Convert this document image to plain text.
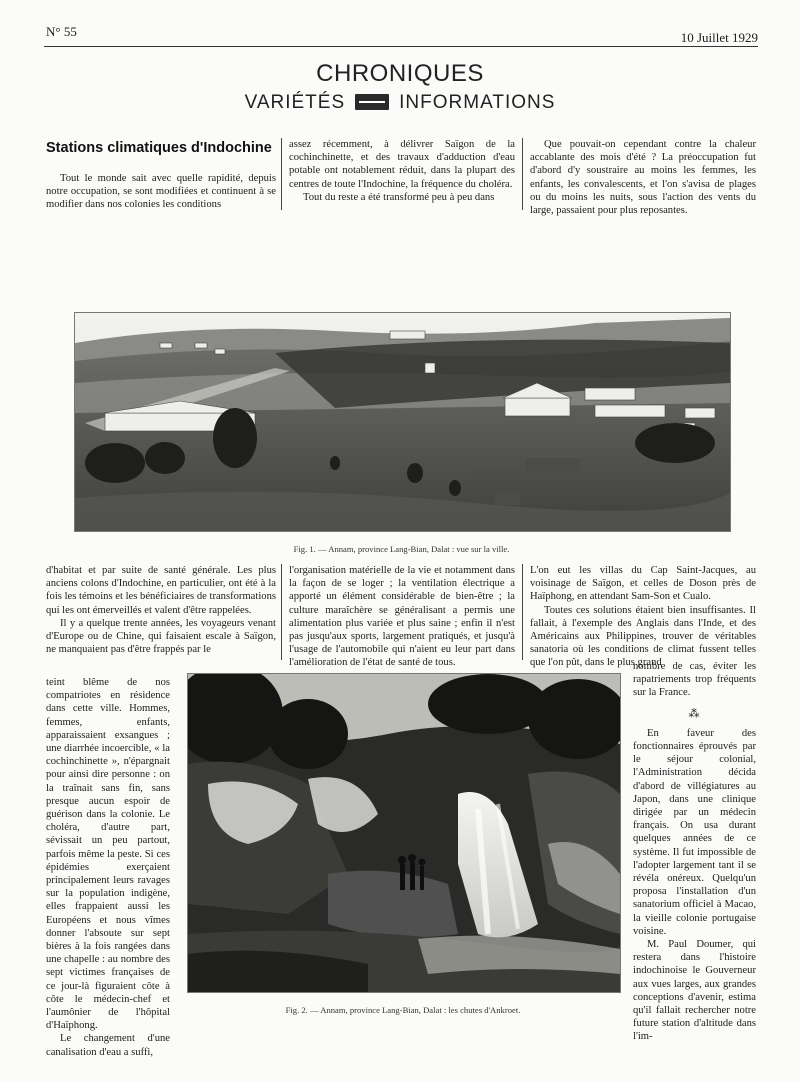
N° 55	10 Juillet 1929
CHRONIQUES
VARIÉTÉS	INFORMATIONS
Stations climatiques d'Indochine

Tout le monde sait avec quelle rapidité, depuis notre occupation, se sont modifiées et continuent à se modifier dans nos colonies les conditions

assez récemment, à délivrer Saïgon de la cochinchinette, et des travaux d'adduction d'eau potable ont notablement réduit, dans la plupart des centres de toute l'Indochine, la fréquence du choléra.

Tout du reste a été transformé peu à peu dans

Que pouvait-on cependant contre la chaleur accablante des mois d'été ? La préoccupation fut d'abord d'y soustraire au moins les femmes, les enfants, les convalescents, et l'on s'avisa de plages ou du moins les nuits, sous l'action des vents du large, passaient pour plus reposantes.

Fig. 1. — Annam, province Lang-Bian, Dalat : vue sur la ville.

d'habitat et par suite de santé générale. Les plus anciens colons d'Indochine, en particulier, ont été à la fois les témoins et les bénéficiaires de transformations qui les ont émerveillés et valent d'être rappelées.

Il y a quelque trente années, les voyageurs venant d'Europe ou de Chine, qui faisaient escale à Saïgon, ne manquaient pas d'être frappés par le

l'organisation matérielle de la vie et notamment dans la façon de se loger ; la ventilation électrique a apporté un élément considérable de bien-être ; la culture maraîchère se généralisant a permis une alimentation plus variée et plus saine ; enfin il n'est pas jusqu'aux sports, largement pratiqués, et jusqu'à l'usage de l'automobile qui n'aient eu leur part dans l'amélioration de l'état de santé de tous.

L'on eut les villas du Cap Saint-Jacques, au voisinage de Saïgon, et celles de Doson près de Haïphong, en attendant Sam-Son et Cualo.

Toutes ces solutions étaient bien insuffisantes. Il fallait, à l'exemple des Anglais dans l'Inde, et des Américains aux Philippines, trouver de véritables sanatoria où les conditions de climat fussent telles que l'on pût, dans le plus grand

teint blême de nos compatriotes en résidence dans cette ville. Hommes, femmes, enfants, apparaissaient exsangues ; une diarrhée incoercible, « la cochinchinette », n'épargnait pour ainsi dire personne : on la traînait sans fin, sans presque aucun espoir de guérison dans la colonie. Le choléra, d'autre part, sévissait un peu partout, parfois même la peste. Si ces épidémies exerçaient principalement leurs ravages sur la population indigène, elles frappaient aussi les Européens et nous vîmes donner l'absoute sur sept bières à la fois rangées dans une chapelle : au nombre des sept victimes françaises de ce jour-là figuraient côte à côte le médecin-chef et l'aumônier de l'hôpital d'Haïphong.

Le changement d'une canalisation d'eau a suffi,

Fig. 2. — Annam, province Lang-Bian, Dalat : les chutes d'Ankroet.

nombre de cas, éviter les rapatriements trop fréquents sur la France.

⁂

En faveur des fonctionnaires éprouvés par le séjour colonial, l'Administration décida d'abord de villégiatures au Japon, dans une clinique dirigée par un médecin français. On usa durant quelques années de ce système. Il fut impossible de l'adopter largement tant il se révéla onéreux. Quelqu'un proposa l'installation d'un sanatorium officiel à Macao, la vieille colonie portugaise voisine.

M. Paul Doumer, qui restera dans l'histoire indochinoise le Gouverneur aux vues larges, aux grandes conceptions d'avenir, estima qu'il fallait rechercher notre future station d'altitude dans l'im-
